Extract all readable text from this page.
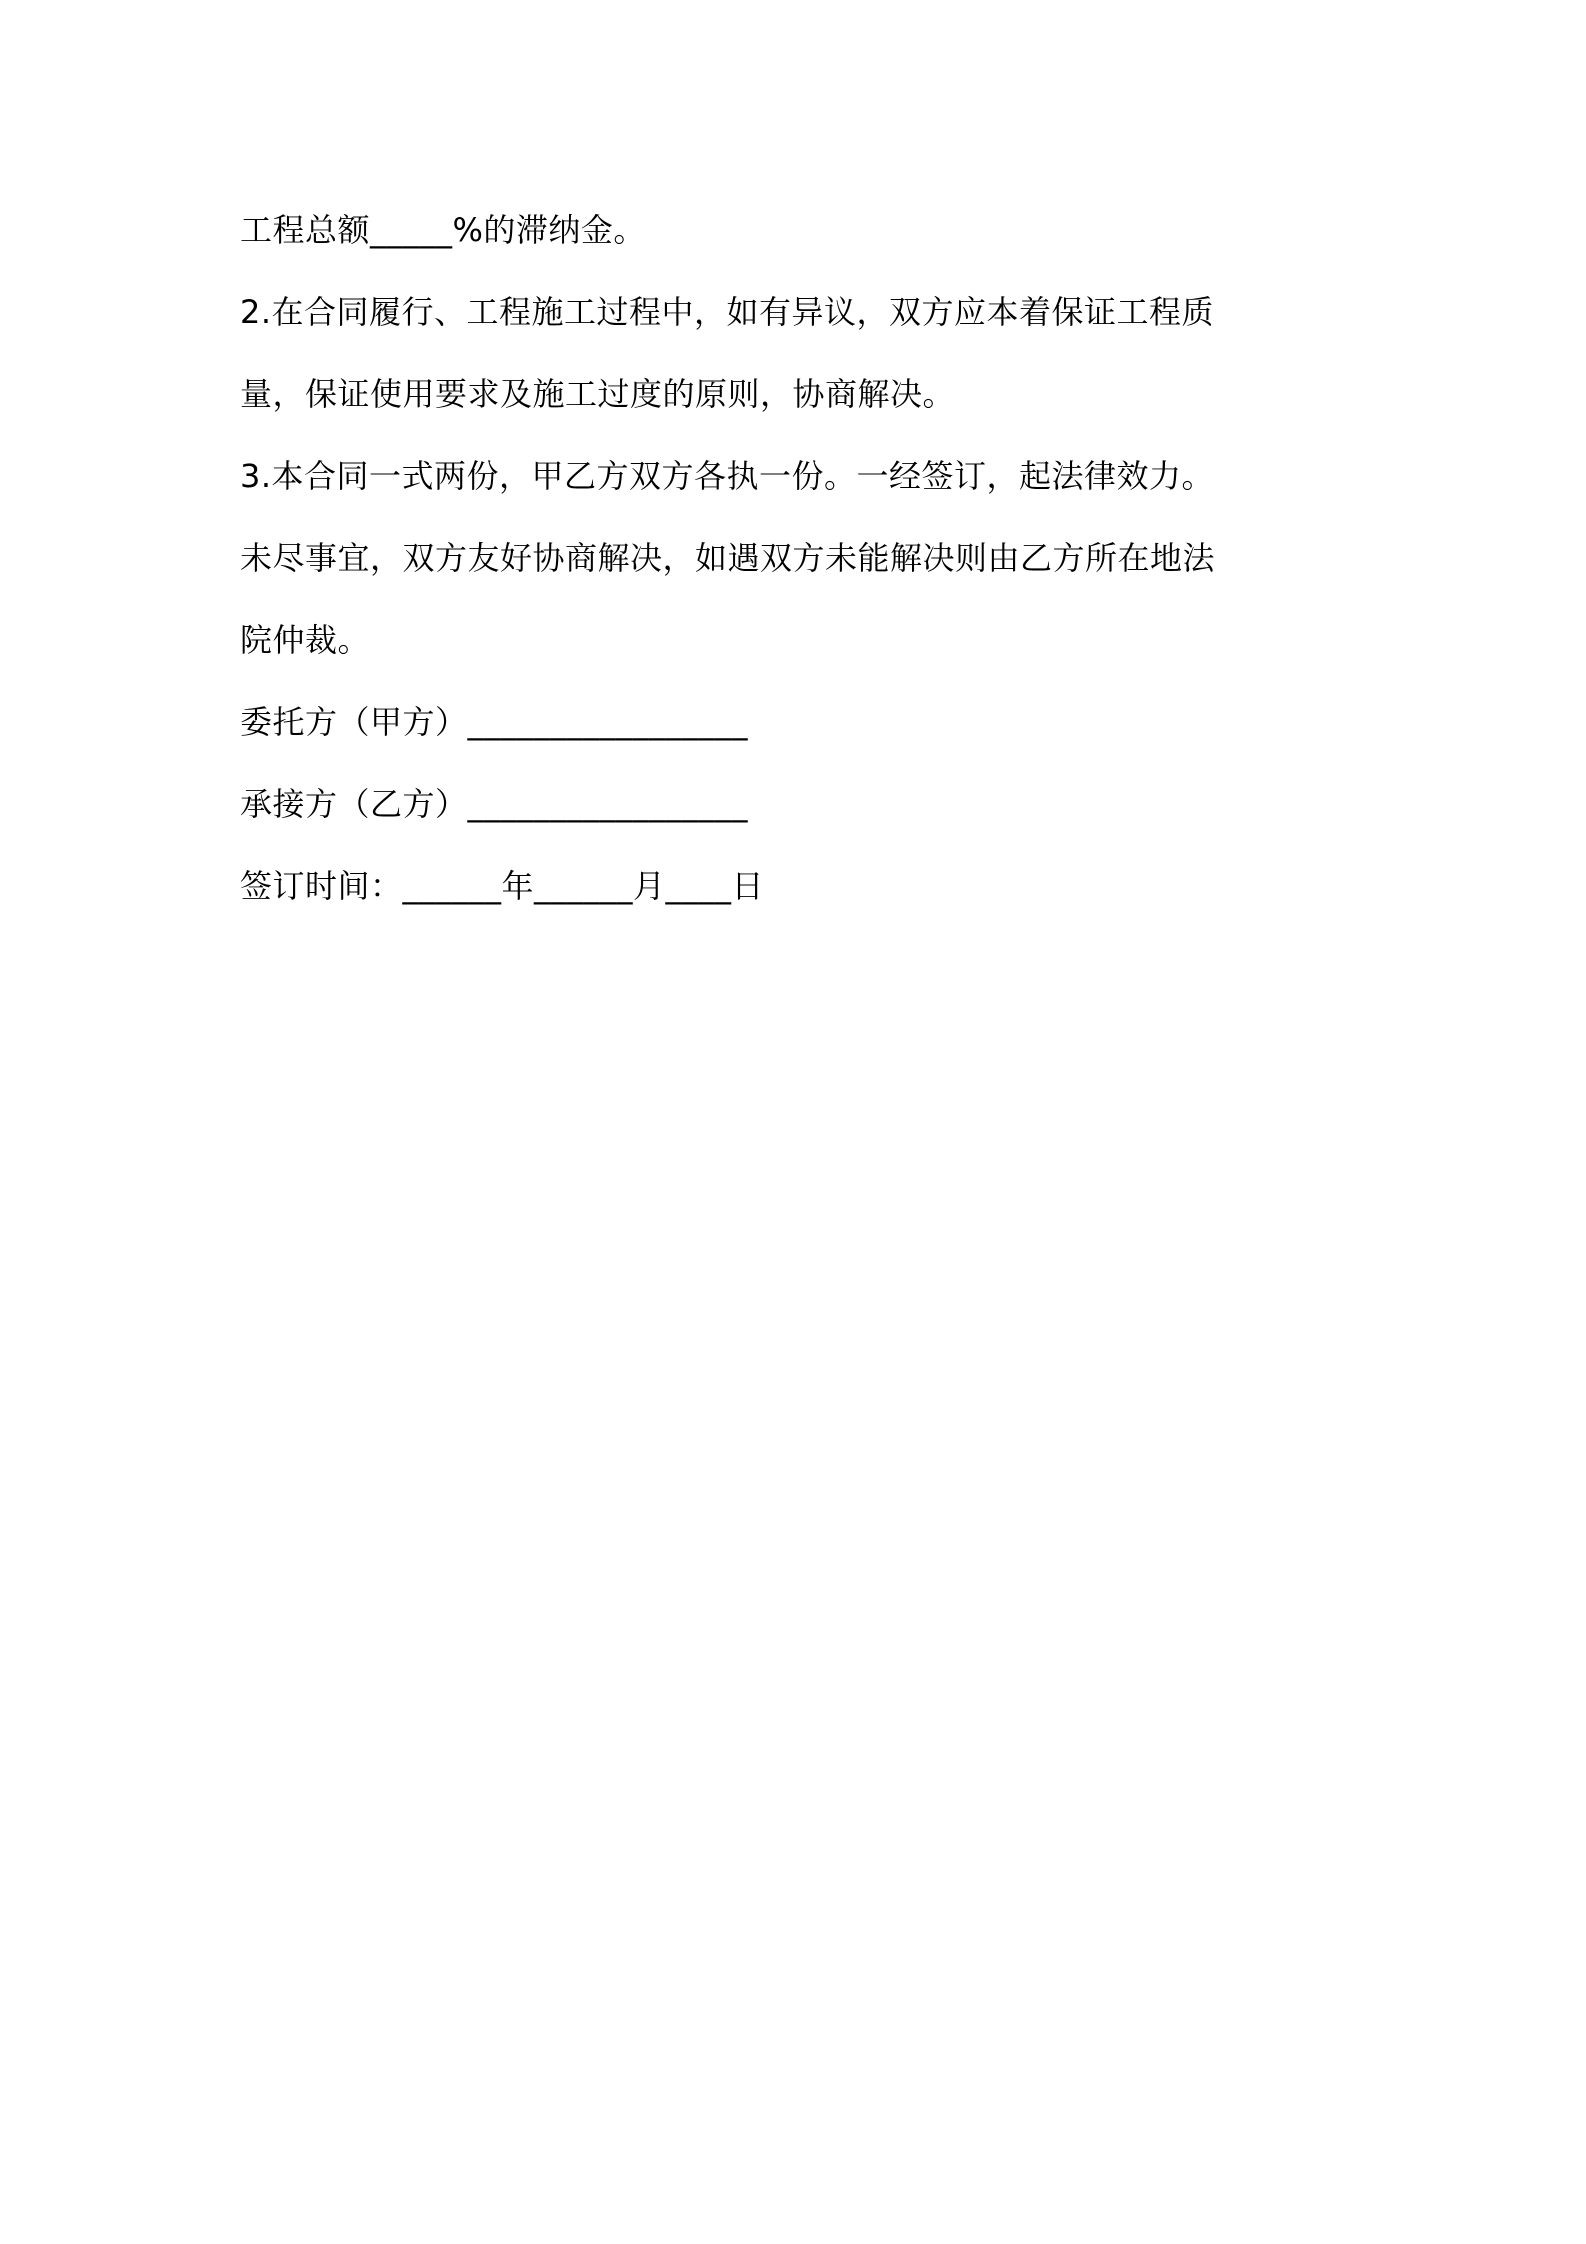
工程总额_____%的滞纳金。
2.在合同履行、工程施工过程中，如有异议，双方应本着保证工程质
量，保证使用要求及施工过度的原则，协商解决。
3.本合同一式两份，甲乙方双方各执一份。一经签订，起法律效力。
未尽事宜，双方友好协商解决，如遇双方未能解决则由乙方所在地法
院仲裁。
委托方（甲方）_________________
承接方（乙方）_________________
签订时间：______年______月____日
